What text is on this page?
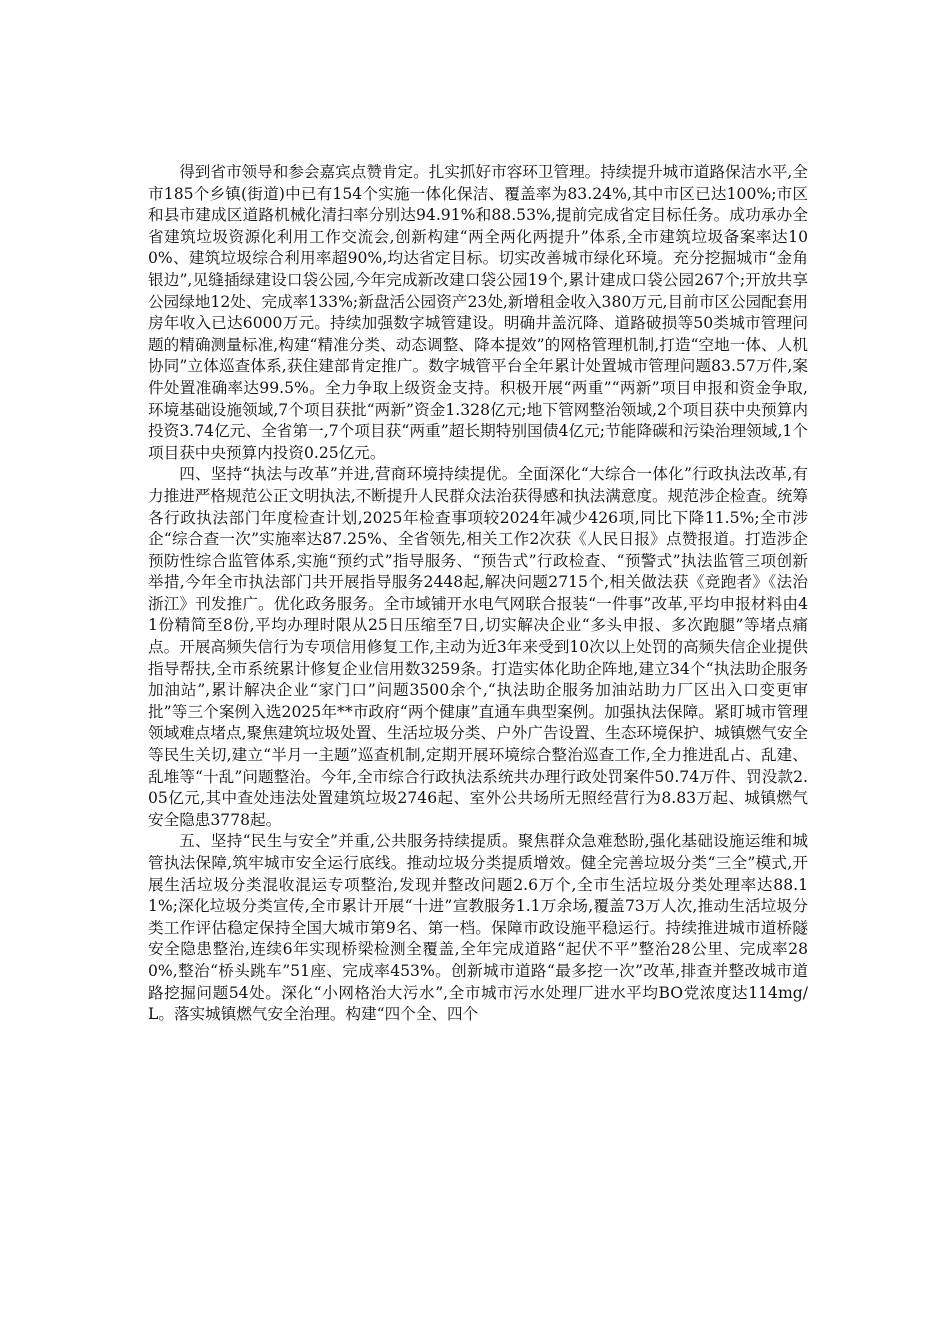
得到省市领导和参会嘉宾点赞肯定。扎实抓好市容环卫管理。持续提升城市道路保洁水平,全市185个乡镇(街道)中已有154个实施一体化保洁、覆盖率为83.24%,其中市区已达100%;市区和县市建成区道路机械化清扫率分别达94.91%和88.53%,提前完成省定目标任务。成功承办全省建筑垃圾资源化利用工作交流会,创新构建“两全两化两提升”体系,全市建筑垃圾备案率达100%、建筑垃圾综合利用率超90%,均达省定目标。切实改善城市绿化环境。充分挖掘城市“金角银边”,见缝插绿建设口袋公园,今年完成新改建口袋公园19个,累计建成口袋公园267个;开放共享公园绿地12处、完成率133%;新盘活公园资产23处,新增租金收入380万元,目前市区公园配套用房年收入已达6000万元。持续加强数字城管建设。明确井盖沉降、道路破损等50类城市管理问题的精确测量标准,构建“精准分类、动态调整、降本提效”的网格管理机制,打造“空地一体、人机协同”立体巡查体系,获住建部肯定推广。数字城管平台全年累计处置城市管理问题83.57万件,案件处置准确率达99.5%。全力争取上级资金支持。积极开展“两重”“两新”项目申报和资金争取,环境基础设施领域,7个项目获批“两新”资金1.328亿元;地下管网整治领域,2个项目获中央预算内投资3.74亿元、全省第一,7个项目获“两重”超长期特别国债4亿元;节能降碳和污染治理领域,1个项目获中央预算内投资0.25亿元。

四、坚持“执法与改革”并进,营商环境持续提优。全面深化“大综合一体化”行政执法改革,有力推进严格规范公正文明执法,不断提升人民群众法治获得感和执法满意度。规范涉企检查。统筹各行政执法部门年度检查计划,2025年检查事项较2024年减少426项,同比下降11.5%;全市涉企“综合查一次”实施率达87.25%、全省领先,相关工作2次获《人民日报》点赞报道。打造涉企预防性综合监管体系,实施“预约式”指导服务、“预告式”行政检查、“预警式”执法监管三项创新举措,今年全市执法部门共开展指导服务2448起,解决问题2715个,相关做法获《竞跑者》《法治浙江》刊发推广。优化政务服务。全市域铺开水电气网联合报装“一件事”改革,平均申报材料由41份精简至8份,平均办理时限从25日压缩至7日,切实解决企业“多头申报、多次跑腿”等堵点痛点。开展高频失信行为专项信用修复工作,主动为近3年来受到10次以上处罚的高频失信企业提供指导帮扶,全市系统累计修复企业信用数3259条。打造实体化助企阵地,建立34个“执法助企服务加油站”,累计解决企业“家门口”问题3500余个,“执法助企服务加油站助力厂区出入口变更审批”等三个案例入选2025年**市政府“两个健康”直通车典型案例。加强执法保障。紧盯城市管理领域难点堵点,聚焦建筑垃圾处置、生活垃圾分类、户外广告设置、生态环境保护、城镇燃气安全等民生关切,建立“半月一主题”巡查机制,定期开展环境综合整治巡查工作,全力推进乱占、乱建、乱堆等“十乱”问题整治。今年,全市综合行政执法系统共办理行政处罚案件50.74万件、罚没款2.05亿元,其中查处违法处置建筑垃圾2746起、室外公共场所无照经营行为8.83万起、城镇燃气安全隐患3778起。

五、坚持“民生与安全”并重,公共服务持续提质。聚焦群众急难愁盼,强化基础设施运维和城管执法保障,筑牢城市安全运行底线。推动垃圾分类提质增效。健全完善垃圾分类“三全”模式,开展生活垃圾分类混收混运专项整治,发现并整改问题2.6万个,全市生活垃圾分类处理率达88.11%;深化垃圾分类宣传,全市累计开展“十进”宣教服务1.1万余场,覆盖73万人次,推动生活垃圾分类工作评估稳定保持全国大城市第9名、第一档。保障市政设施平稳运行。持续推进城市道桥隧安全隐患整治,连续6年实现桥梁检测全覆盖,全年完成道路“起伏不平”整治28公里、完成率280%,整治“桥头跳车”51座、完成率453%。创新城市道路“最多挖一次”改革,排查并整改城市道路挖掘问题54处。深化“小网格治大污水”,全市城市污水处理厂进水平均BO党浓度达114mg/L。落实城镇燃气安全治理。构建“四个全、四个
